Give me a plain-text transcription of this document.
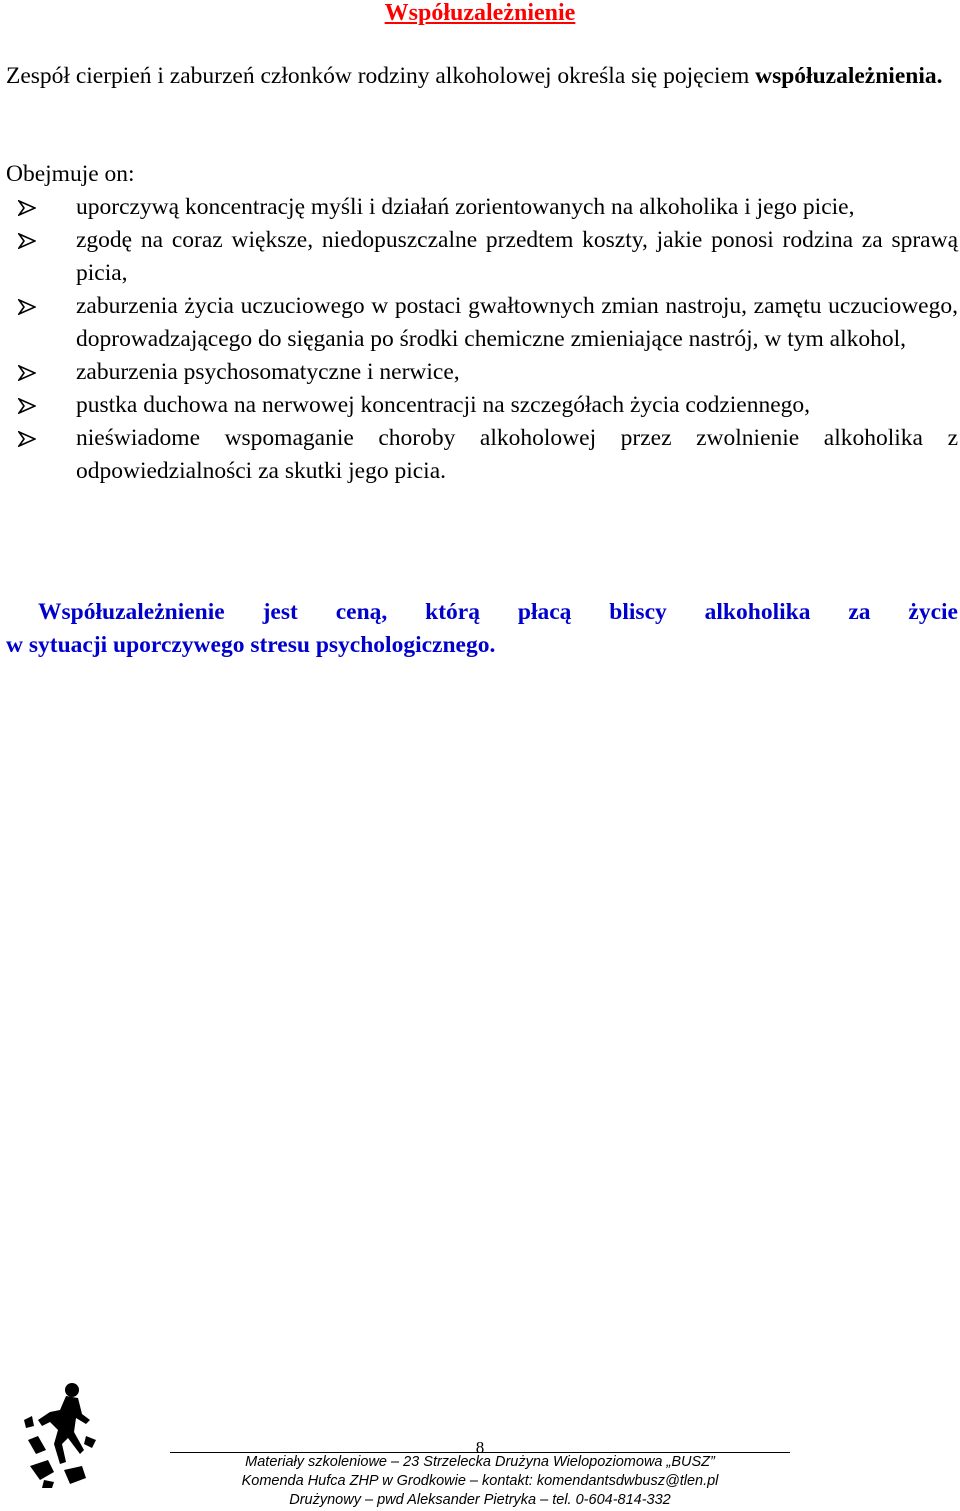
Współuzależnienie
Zespół cierpień i zaburzeń członków rodziny alkoholowej określa się pojęciem współuzależnienia.
Obejmuje on:
uporczywą koncentrację myśli i działań zorientowanych na alkoholika i jego picie,
zgodę na coraz większe, niedopuszczalne przedtem koszty, jakie ponosi rodzina za sprawą picia,
zaburzenia życia uczuciowego w postaci gwałtownych zmian nastroju, zamętu uczuciowego, doprowadzającego do sięgania po środki chemiczne zmieniające nastrój, w tym alkohol,
zaburzenia psychosomatyczne i nerwice,
pustka duchowa na nerwowej koncentracji na szczegółach życia codziennego,
nieświadome wspomaganie choroby alkoholowej przez zwolnienie alkoholika z odpowiedzialności za skutki jego picia.
Współuzależnienie jest ceną, którą płacą bliscy alkoholika za życie
w sytuacji uporczywego stresu psychologicznego.
8
Materiały szkoleniowe – 23 Strzelecka Drużyna Wielopoziomowa „BUSZ”
Komenda Hufca ZHP w Grodkowie – kontakt: komendantsdwbusz@tlen.pl
Drużynowy – pwd Aleksander Pietryka – tel. 0-604-814-332
